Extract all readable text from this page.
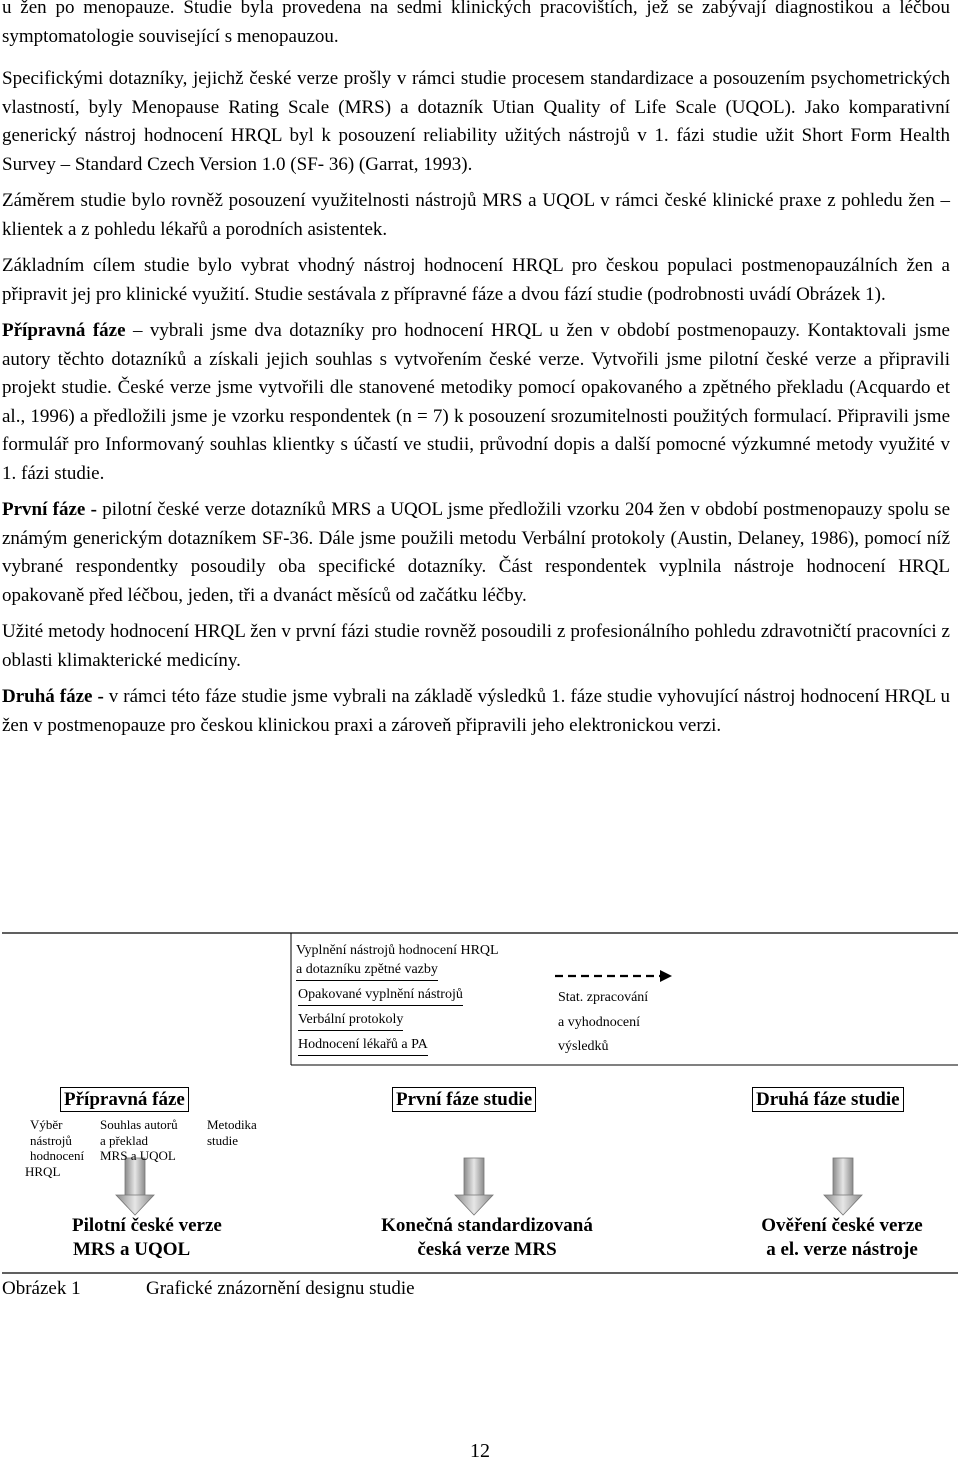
u žen po menopauze. Studie byla provedena na sedmi klinických pracovištích, jež se zabývají diagnostikou a léčbou symptomatologie související s menopauzou.

Specifickými dotazníky, jejichž české verze prošly v rámci studie procesem standardizace a posouzením psychometrických vlastností, byly Menopause Rating Scale (MRS) a dotazník Utian Quality of Life Scale (UQOL). Jako komparativní generický nástroj hodnocení HRQL byl k posouzení reliability užitých nástrojů v 1. fázi studie užit Short Form Health Survey – Standard Czech Version 1.0 (SF- 36) (Garrat, 1993).

Záměrem studie bylo rovněž posouzení využitelnosti nástrojů MRS a UQOL v rámci české klinické praxe z pohledu žen – klientek a z pohledu lékařů a porodních asistentek.

Základním cílem studie bylo vybrat vhodný nástroj hodnocení HRQL pro českou populaci postmenopauzálních žen a připravit jej pro klinické využití. Studie sestávala z přípravné fáze a dvou fází studie (podrobnosti uvádí Obrázek 1).

Přípravná fáze – vybrali jsme dva dotazníky pro hodnocení HRQL u žen v období postmenopauzy. Kontaktovali jsme autory těchto dotazníků a získali jejich souhlas s vytvořením české verze. Vytvořili jsme pilotní české verze a připravili projekt studie. České verze jsme vytvořili dle stanovené metodiky pomocí opakovaného a zpětného překladu (Acquardo et al., 1996) a předložili jsme je vzorku respondentek (n = 7) k posouzení srozumitelnosti použitých formulací. Připravili jsme formulář pro Informovaný souhlas klientky s účastí ve studii, průvodní dopis a další pomocné výzkumné metody využité v 1. fázi studie.

První fáze - pilotní české verze dotazníků MRS a UQOL jsme předložili vzorku 204 žen v období postmenopauzy spolu se známým generickým dotazníkem SF-36. Dále jsme použili metodu Verbální protokoly (Austin, Delaney, 1986), pomocí níž vybrané respondentky posoudily oba specifické dotazníky. Část respondentek vyplnila nástroje hodnocení HRQL opakovaně před léčbou, jeden, tři a dvanáct měsíců od začátku léčby.

Užité metody hodnocení HRQL žen v první fázi studie rovněž posoudili z profesionálního pohledu zdravotničtí pracovníci z oblasti klimakterické medicíny.

Druhá fáze - v rámci této fáze studie jsme vybrali na základě výsledků 1. fáze studie vyhovující nástroj hodnocení HRQL u žen v postmenopauze pro českou klinickou praxi a zároveň připravili jeho elektronickou verzi.

Vyplnění nástrojů hodnocení HRQL
a dotazníku zpětné vazby
Opakované vyplnění nástrojů
Verbální protokoly
Hodnocení lékařů a PA
Stat. zpracování
a vyhodnocení
výsledků
Přípravná fáze	První fáze studie	Druhá fáze studie
Výběr
nástrojů
hodnocení
HRQL
Souhlas autorů
a překlad
MRS a UQOL
Metodika
studie
Pilotní české verze
MRS a UQOL
Konečná standardizovaná
česká verze MRS
Ověření české verze
a el. verze nástroje
Obrázek 1	Grafické znázornění designu studie
12
